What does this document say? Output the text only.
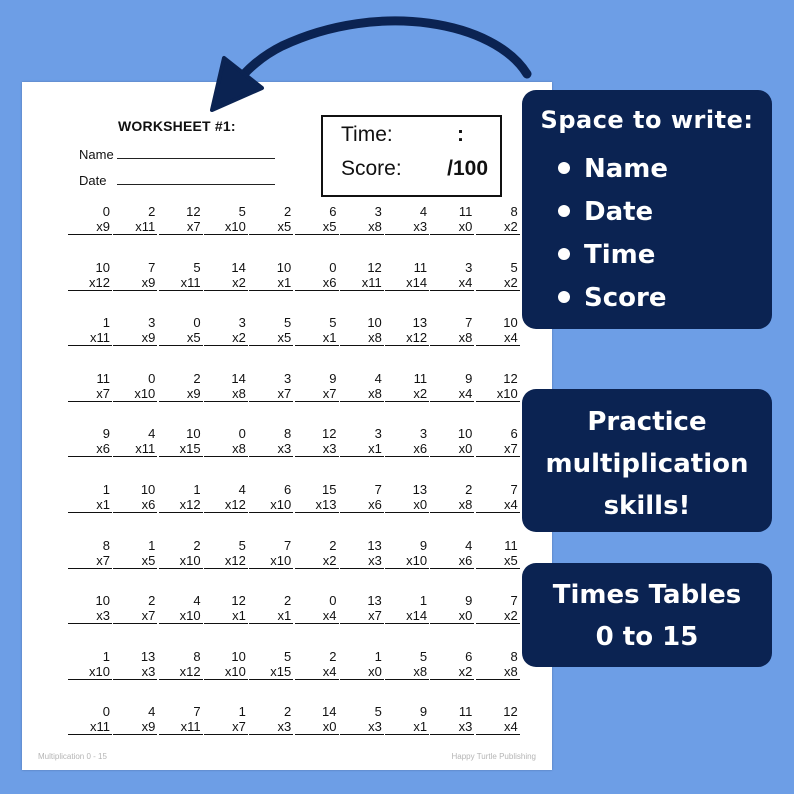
WORKSHEET #1:
Name
Date
Time:	:
Score: /100
0
x9
2
x11
12
x7
5
x10
2
x5
6
x5
3
x8
4
x3
11
x0
8
x2
10
x12
7
x9
5
x11
14
x2
10
x1
0
x6
12
x11
11
x14
3
x4
5
x2
1
x11
3
x9
0
x5
3
x2
5
x5
5
x1
10
x8
13
x12
7
x8
10
x4
11
x7
0
x10
2
x9
14
x8
3
x7
9
x7
4
x8
11
x2
9
x4
12
x10
9
x6
4
x11
10
x15
0
x8
8
x3
12
x3
3
x1
3
x6
10
x0
6
x7
1
x1
10
x6
1
x12
4
x12
6
x10
15
x13
7
x6
13
x0
2
x8
7
x4
8
x7
1
x5
2
x10
5
x12
7
x10
2
x2
13
x3
9
x10
4
x6
11
x5
10
x3
2
x7
4
x10
12
x1
2
x1
0
x4
13
x7
1
x14
9
x0
7
x2
1
x10
13
x3
8
x12
10
x10
5
x15
2
x4
1
x0
5
x8
6
x2
8
x8
0
x11
4
x9
7
x11
1
x7
2
x3
14
x0
5
x3
9
x1
11
x3
12
x4
Multiplication 0 - 15	Happy Turtle Publishing
Space to write:
Name
Date
Time
Score
Practice
multiplication
skills!
Times Tables
0 to 15
